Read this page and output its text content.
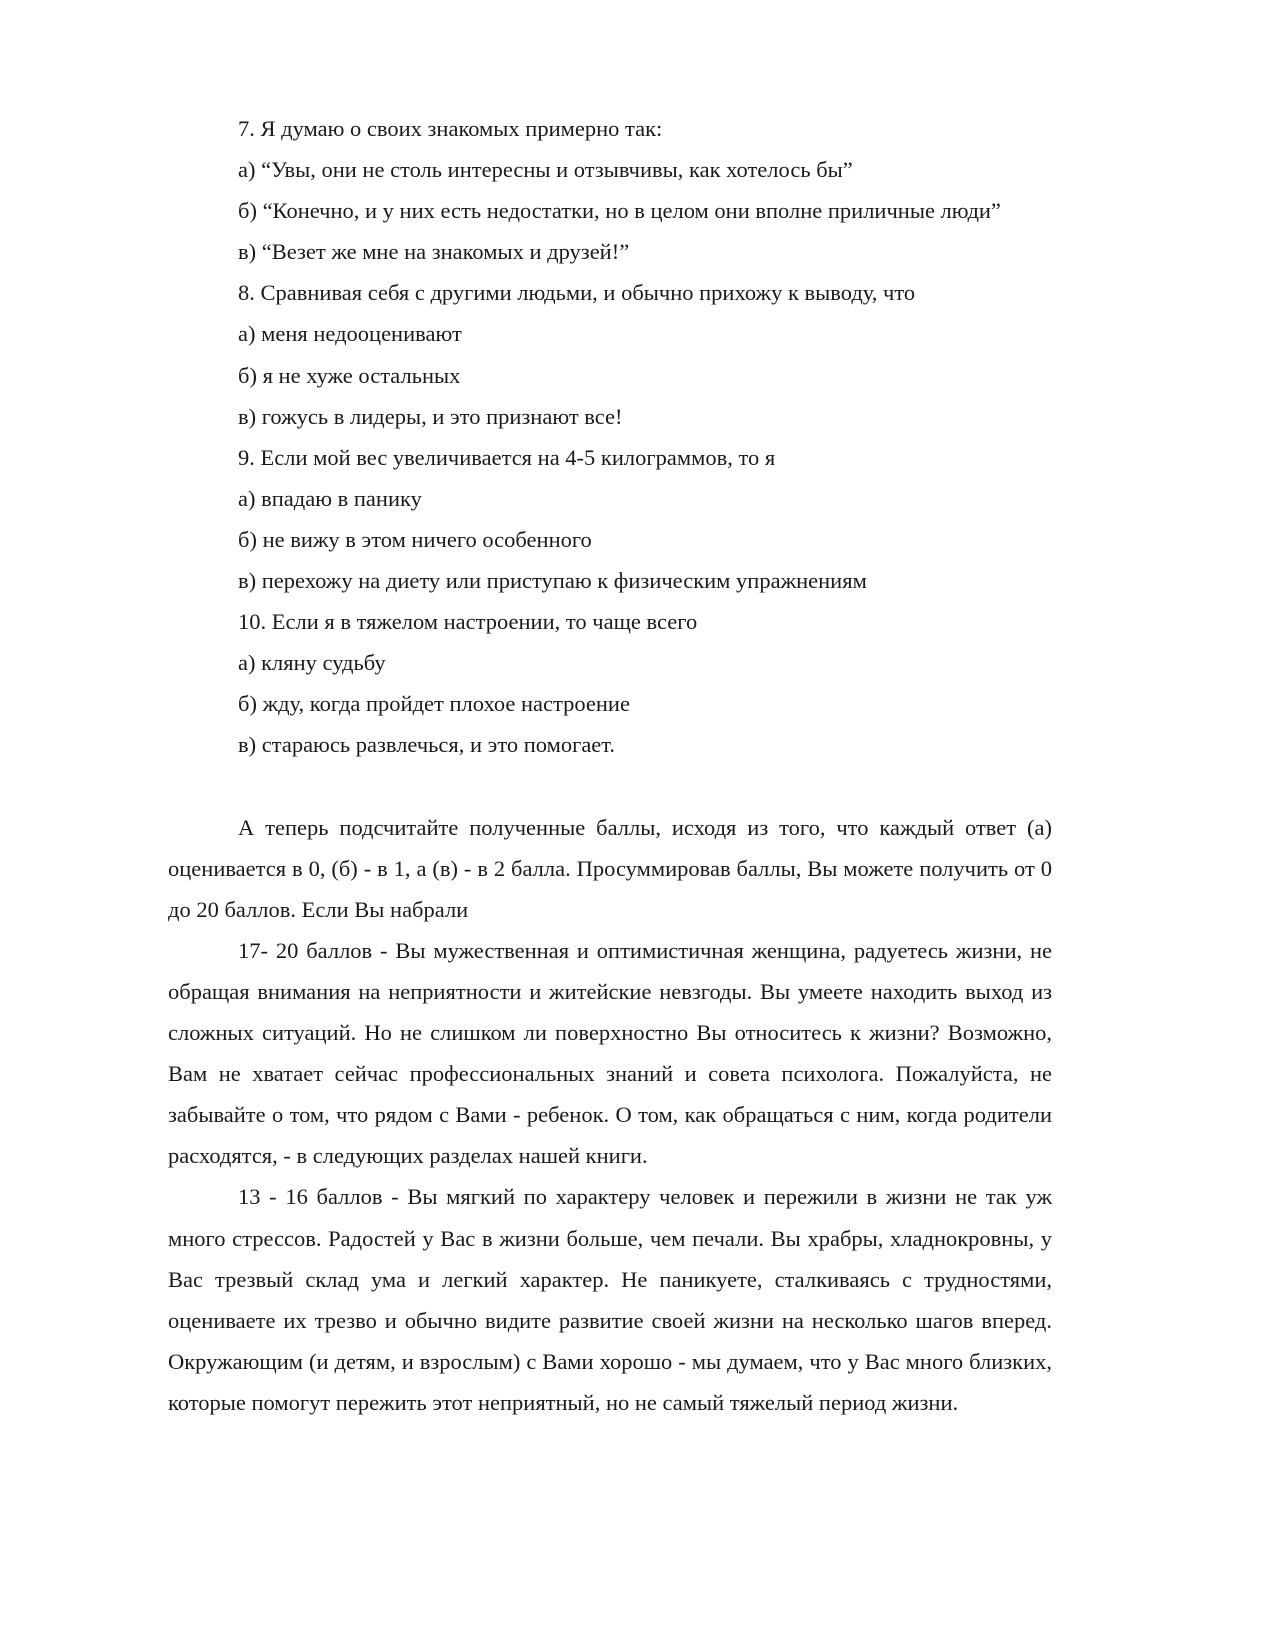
7. Я думаю о своих знакомых примерно так:

а) “Увы, они не столь интересны и отзывчивы, как хотелось бы”

б) “Конечно, и у них есть недостатки, но в целом они вполне приличные люди”

в) “Везет же мне на знакомых и друзей!”

8. Сравнивая себя с другими людьми, и обычно прихожу к выводу, что

а) меня недооценивают

б) я не хуже остальных

в) гожусь в лидеры, и это признают все!

9. Если мой вес увеличивается на 4-5 килограммов, то я

а) впадаю в панику

б) не вижу в этом ничего особенного

в) перехожу на диету или приступаю к физическим упражнениям

10. Если я в тяжелом настроении, то чаще всего

а) кляну судьбу

б) жду, когда пройдет плохое настроение

в) стараюсь развлечься, и это помогает.

А теперь подсчитайте полученные баллы, исходя из того, что каждый ответ (а) оценивается в 0, (б) - в 1, а (в) - в 2 балла. Просуммировав баллы, Вы можете получить от 0 до 20 баллов. Если Вы набрали

17- 20 баллов - Вы мужественная и оптимистичная женщина, радуетесь жизни, не обращая внимания на неприятности и житейские невзгоды. Вы умеете находить выход из сложных ситуаций. Но не слишком ли поверхностно Вы относитесь к жизни? Возможно, Вам не хватает сейчас профессиональных знаний и совета психолога. Пожалуйста, не забывайте о том, что рядом с Вами - ребенок. О том, как обращаться с ним, когда родители расходятся, - в следующих разделах нашей книги.

13 - 16 баллов - Вы мягкий по характеру человек и пережили в жизни не так уж много стрессов. Радостей у Вас в жизни больше, чем печали. Вы храбры, хладнокровны, у Вас трезвый склад ума и легкий характер. Не паникуете, сталкиваясь с трудностями, оцениваете их трезво и обычно видите развитие своей жизни на несколько шагов вперед. Окружающим (и детям, и взрослым) с Вами хорошо - мы думаем, что у Вас много близких, которые помогут пережить этот неприятный, но не самый тяжелый период жизни.
